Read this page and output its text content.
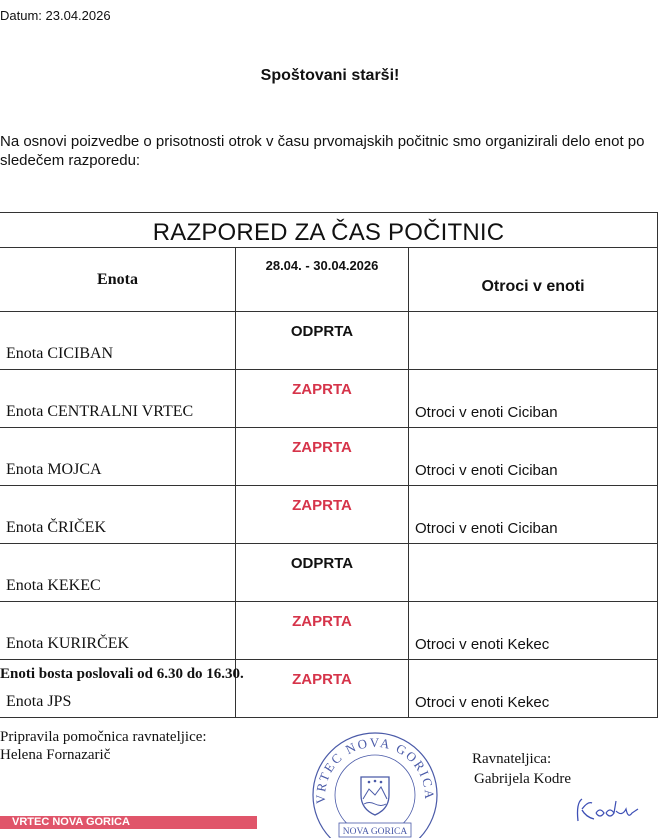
Datum: 23.04.2026
Spoštovani starši!
Na osnovi poizvedbe o prisotnosti otrok v času prvomajskih počitnic smo organizirali delo enot po sledečem razporedu:
RAZPORED ZA ČAS POČITNIC		
Enota	28.04. - 30.04.2026	Otroci v enoti
Enota CICIBAN	ODPRTA	
Enota CENTRALNI VRTEC	ZAPRTA	Otroci v enoti Ciciban
Enota MOJCA	ZAPRTA	Otroci v enoti Ciciban
Enota ČRIČEK	ZAPRTA	Otroci v enoti Ciciban
Enota KEKEC	ODPRTA	
Enota KURIRČEK	ZAPRTA	Otroci v enoti Kekec
Enota JPS	ZAPRTA	Otroci v enoti Kekec
Enoti bosta poslovali od 6.30 do 16.30.
Pripravila pomočnica ravnateljice:
Helena Fornazarič
VRTEC NOVA GORICA
NOVA GORICA
Ravnateljica:
Gabrijela Kodre
VRTEC NOVA GORICA
